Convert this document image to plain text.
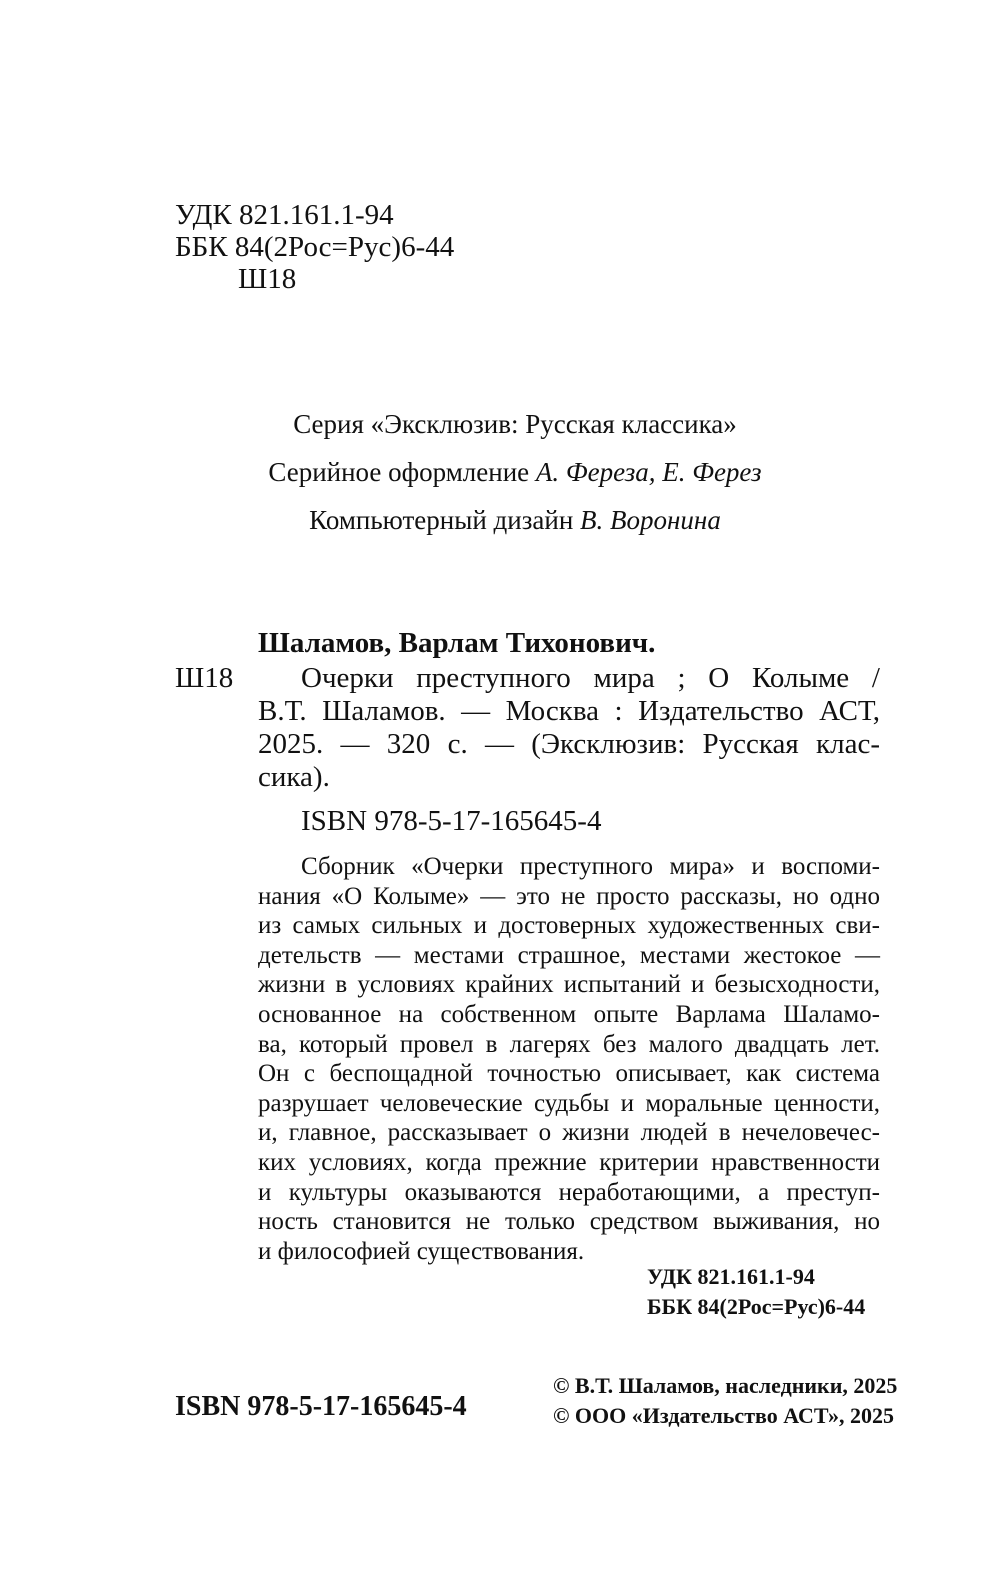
УДК 821.161.1-94
ББК 84(2Рос=Рус)6-44
Ш18
Серия «Эксклюзив: Русская классика»
Серийное оформление А. Фереза, Е. Ферез
Компьютерный дизайн В. Воронина
Шаламов, Варлам Тихонович.
Ш18	Очерки преступного мира ; О Колыме /
В.Т. Шаламов. — Москва : Издательство АСТ,
2025. — 320 с. — (Эксклюзив: Русская клас-
сика).
ISBN 978-5-17-165645-4
Сборник «Очерки преступного мира» и воспоми-
нания «О Колыме» — это не просто рассказы, но одно
из самых сильных и достоверных художественных сви-
детельств — местами страшное, местами жестокое —
жизни в условиях крайних испытаний и безысходности,
основанное на собственном опыте Варлама Шаламо-
ва, который провел в лагерях без малого двадцать лет.
Он с беспощадной точностью описывает, как система
разрушает человеческие судьбы и моральные ценности,
и, главное, рассказывает о жизни людей в нечеловечес-
ких условиях, когда прежние критерии нравственности
и культуры оказываются неработающими, а преступ-
ность становится не только средством выживания, но
и философией существования.
УДК 821.161.1-94
ББК 84(2Рос=Рус)6-44
ISBN 978-5-17-165645-4
© В.Т. Шаламов, наследники, 2025
© ООО «Издательство АСТ», 2025
